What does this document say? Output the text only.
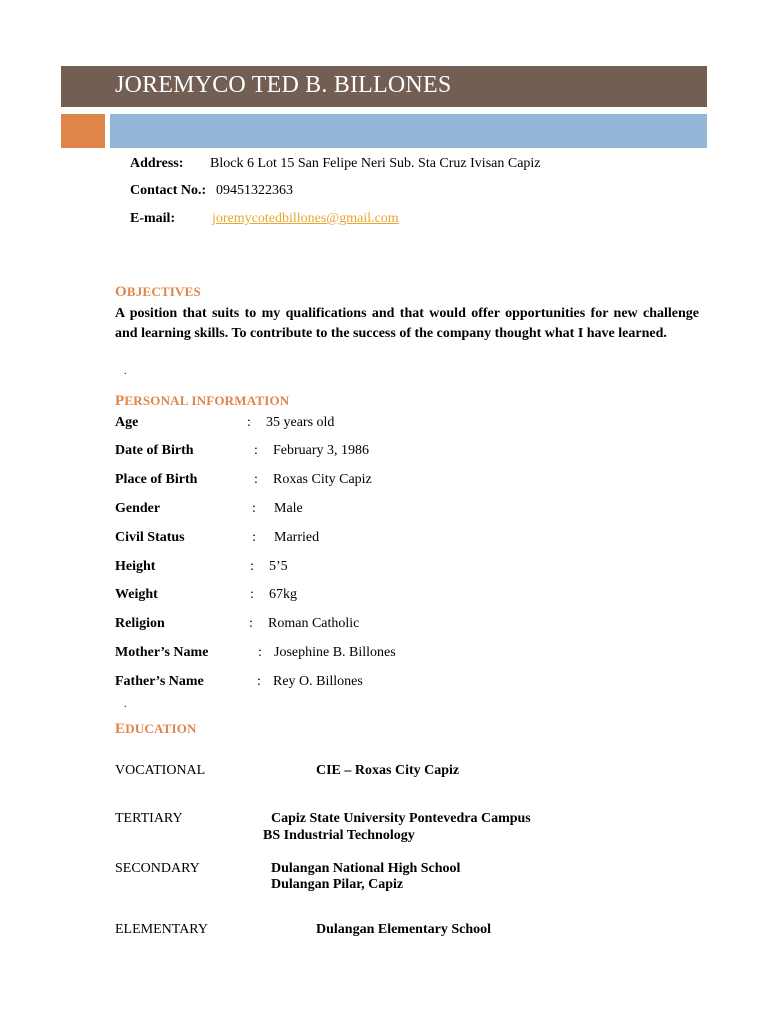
JOREMYCO TED B. BILLONES
Address: Block 6 Lot 15 San Felipe Neri Sub. Sta Cruz Ivisan Capiz
Contact No.: 09451322363
E-mail:	joremycotedbillones@gmail.com
OBJECTIVES
A position that suits to my qualifications and that would offer opportunities for new challenge and learning skills. To contribute to the success of the company thought what I have learned.
.
PERSONAL INFORMATION
Age	: 35 years old
Date of Birth	: February 3, 1986
Place of Birth	: Roxas City Capiz
Gender	: Male
Civil Status	: Married
Height	: 5’5
Weight	: 67kg
Religion	: Roman Catholic
Mother’s Name	: Josephine B. Billones
Father’s Name	: Rey O. Billones
.
EDUCATION
VOCATIONAL	CIE – Roxas City Capiz
TERTIARY	Capiz State University Pontevedra Campus
BS Industrial Technology
SECONDARY	Dulangan National High School
Dulangan Pilar, Capiz
ELEMENTARY	Dulangan Elementary School
